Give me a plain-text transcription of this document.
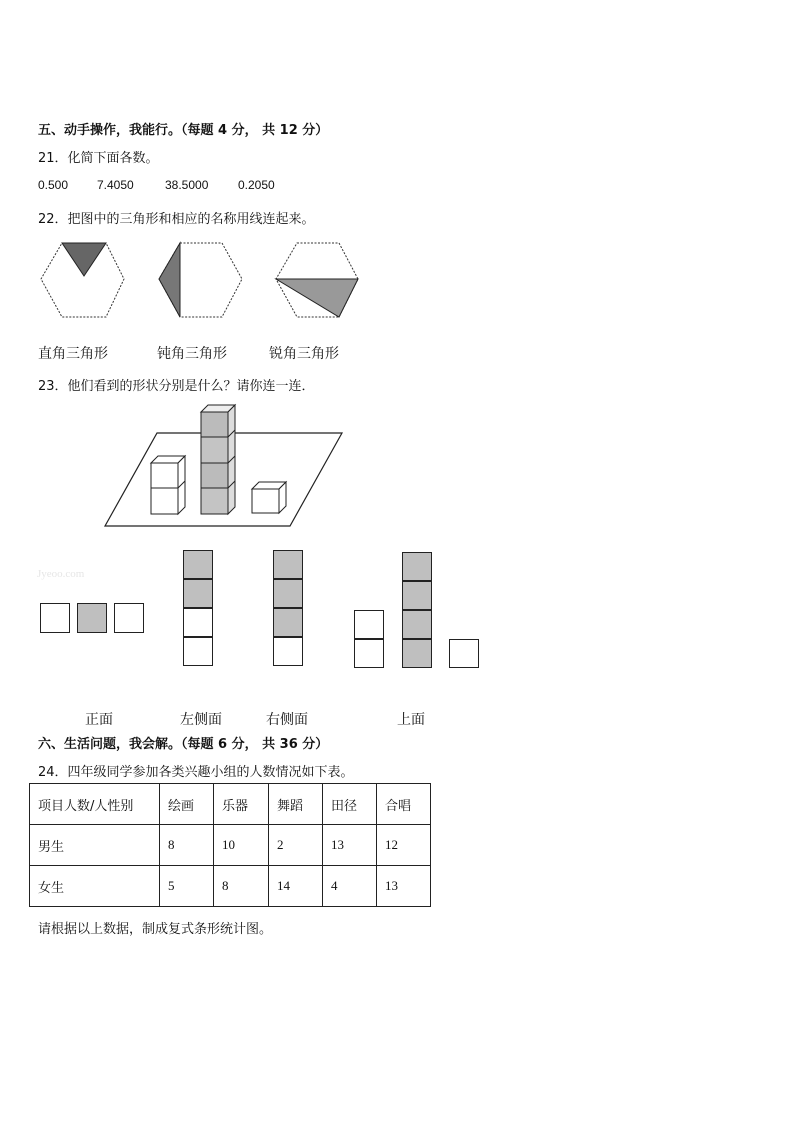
五、动手操作，我能行。（每题 4 分， 共 12 分）
21．化简下面各数。
0.500 7.4050	38.5000 0.2050
22．把图中的三角形和相应的名称用线连起来。
直角三角形	钝角三角形	锐角三角形
23．他们看到的形状分别是什么？请你连一连．
Jyeoo.com
正面	左侧面	右侧面	上面
六、生活问题，我会解。（每题 6 分， 共 36 分）
24．四年级同学参加各类兴趣小组的人数情况如下表。
项目人数/人性别	绘画	乐器	舞蹈	田径	合唱
男生	8	10	2	13	12
女生	5	8	14	4	13
请根据以上数据，制成复式条形统计图。
